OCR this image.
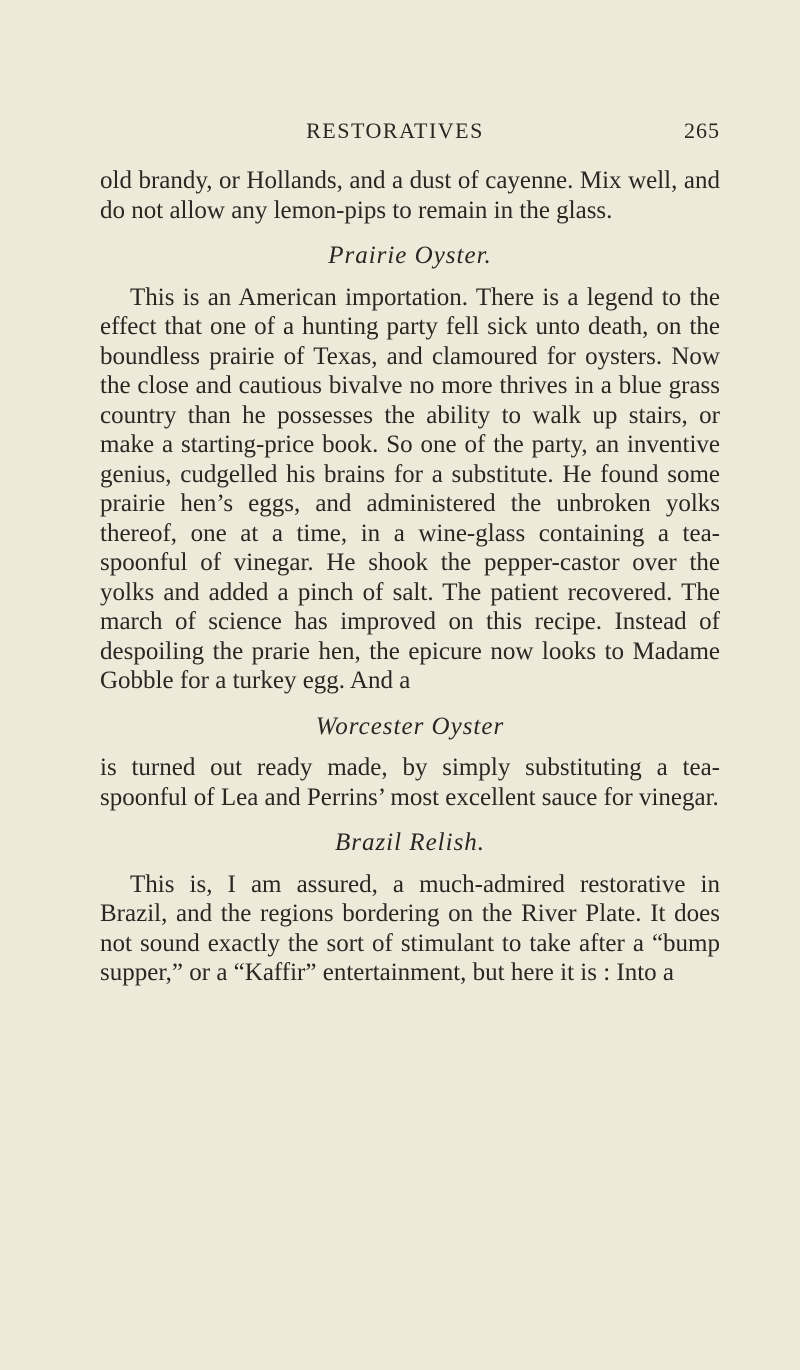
RESTORATIVES	265

old brandy, or Hollands, and a dust of cayenne. Mix well, and do not allow any lemon-pips to remain in the glass.

Prairie Oyster.

This is an American importation. There is a legend to the effect that one of a hunting party fell sick unto death, on the boundless prairie of Texas, and clamoured for oysters. Now the close and cautious bivalve no more thrives in a blue grass country than he possesses the ability to walk up stairs, or make a starting-price book. So one of the party, an inventive genius, cudgelled his brains for a substitute. He found some prairie hen’s eggs, and administered the unbroken yolks thereof, one at a time, in a wine-glass containing a tea-spoonful of vinegar. He shook the pepper-castor over the yolks and added a pinch of salt. The patient recovered. The march of science has improved on this recipe. Instead of despoiling the prarie hen, the epicure now looks to Madame Gobble for a turkey egg. And a

Worcester Oyster

is turned out ready made, by simply substituting a tea-spoonful of Lea and Perrins’ most excellent sauce for vinegar.

Brazil Relish.

This is, I am assured, a much-admired restorative in Brazil, and the regions bordering on the River Plate. It does not sound exactly the sort of stimulant to take after a “bump supper,” or a “Kaffir” entertainment, but here it is : Into a
